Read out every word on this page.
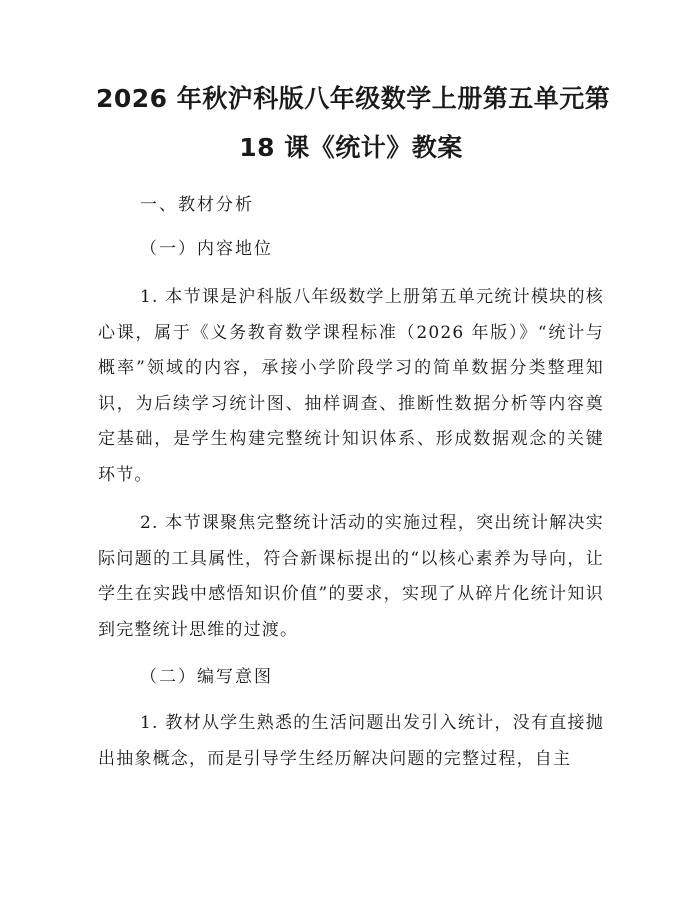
2026 年秋沪科版八年级数学上册第五单元第
18 课《统计》教案
一、教材分析
（一）内容地位
1. 本节课是沪科版八年级数学上册第五单元统计模块的核心课，属于《义务教育数学课程标准（2026 年版）》“统计与概率”领域的内容，承接小学阶段学习的简单数据分类整理知识，为后续学习统计图、抽样调查、推断性数据分析等内容奠定基础，是学生构建完整统计知识体系、形成数据观念的关键环节。
2. 本节课聚焦完整统计活动的实施过程，突出统计解决实际问题的工具属性，符合新课标提出的“以核心素养为导向，让学生在实践中感悟知识价值”的要求，实现了从碎片化统计知识到完整统计思维的过渡。
（二）编写意图
1. 教材从学生熟悉的生活问题出发引入统计，没有直接抛出抽象概念，而是引导学生经历解决问题的完整过程，自主
